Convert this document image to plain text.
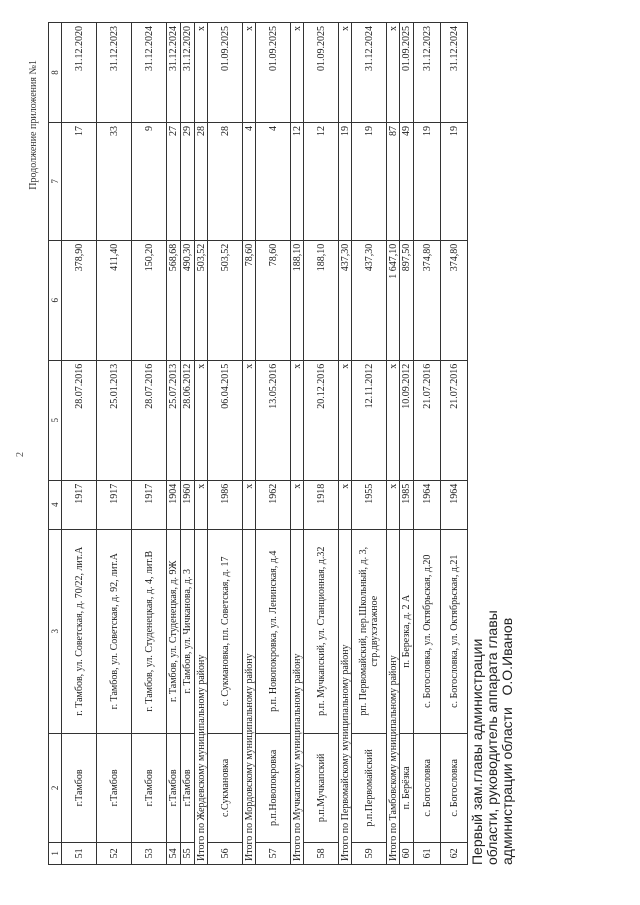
2
Продолжение приложения №1
1	2	3	4	5	6	7	8
51	г.Тамбов	г. Тамбов, ул. Советская, д. 70/22, лит.А	1917	28.07.2016	378,90	17	31.12.2020
52	г.Тамбов	г. Тамбов, ул. Советская, д. 92, лит.А	1917	25.01.2013	411,40	33	31.12.2023
53	г.Тамбов	г. Тамбов, ул. Студенецкая, д. 4, лит.В	1917	28.07.2016	150,20	9	31.12.2024
54	г.Тамбов	г. Тамбов, ул. Студенецкая, д. 9Ж	1904	25.07.2013	568,68	27	31.12.2024
55	г.Тамбов	г. Тамбов, ул. Чичканова, д. 3	1960	28.06.2012	490,30	29	31.12.2020
Итого по Жердевскому муниципальному району			х	х	503,52	28	х
56	с.Сукмановка	с. Сукмановка, пл. Советская, д. 17	1986	06.04.2015	503,52	28	01.09.2025
Итого по Мордовскому муниципальному району			х	х	78,60	4	х
57	р.п.Новопокровка	р.п. Новопокровка, ул. Ленинская, д.4	1962	13.05.2016	78,60	4	01.09.2025
Итого по Мучкапскому муниципальному району			х	х	188,10	12	х
58	р.п.Мучкапский	р.п. Мучкапский, ул. Станционная, д.32	1918	20.12.2016	188,10	12	01.09.2025
Итого по Первомайскому муниципальному району			х	х	437,30	19	х
59	р.п.Первомайский	рп. Первомайский, пер.Школьный, д. 3, стр.двухэтажное	1955	12.11.2012	437,30	19	31.12.2024
Итого по Тамбовскому муниципальному району			х	х	1 647,10	87	х
60	п. Берёзка	п. Березка, д. 2 А	1985	10.09.2012	897,50	49	01.09.2025
61	с. Богословка	с. Богословка, ул. Октябрьская, д.20	1964	21.07.2016	374,80	19	31.12.2023
62	с. Богословка	с. Богословка, ул. Октябрьская, д.21	1964	21.07.2016	374,80	19	31.12.2024
Первый зам.главы администрации области, руководитель аппарата главы администрации области   О.О.Иванов
